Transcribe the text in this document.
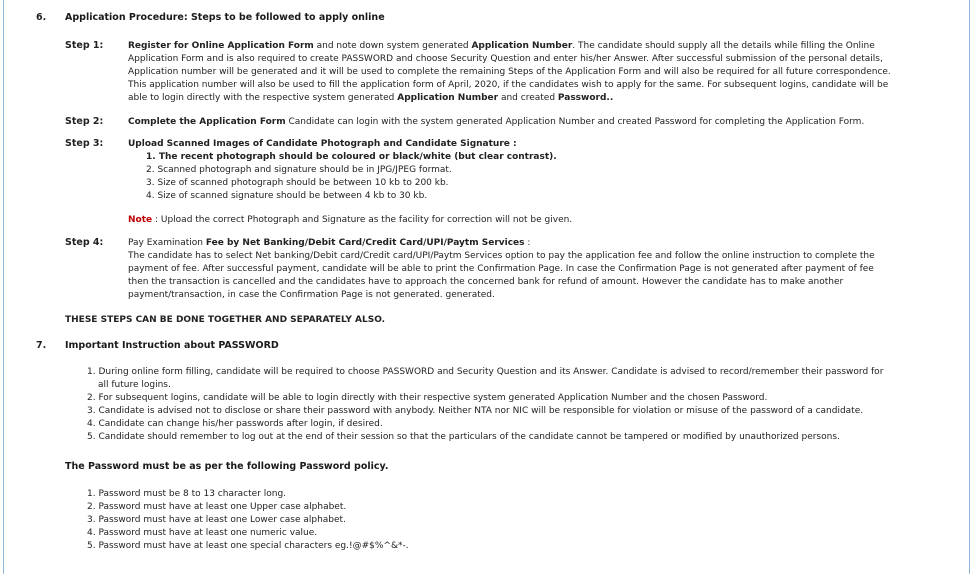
6. Application Procedure: Steps to be followed to apply online
Step 1:	Register for Online Application Form and note down system generated Application Number. The candidate should supply all the details while filling the Online
Application Form and is also required to create PASSWORD and choose Security Question and enter his/her Answer. After successful submission of the personal details,
Application number will be generated and it will be used to complete the remaining Steps of the Application Form and will also be required for all future correspondence.
This application number will also be used to fill the application form of April, 2020, if the candidates wish to apply for the same. For subsequent logins, candidate will be
able to login directly with the respective system generated Application Number and created Password..
Step 2:	Complete the Application Form Candidate can login with the system generated Application Number and created Password for completing the Application Form.
Step 3:	Upload Scanned Images of Candidate Photograph and Candidate Signature :
1. The recent photograph should be coloured or black/white (but clear contrast).
2. Scanned photograph and signature should be in JPG/JPEG format.
3. Size of scanned photograph should be between 10 kb to 200 kb.
4. Size of scanned signature should be between 4 kb to 30 kb.
Note : Upload the correct Photograph and Signature as the facility for correction will not be given.
Step 4:	Pay Examination Fee by Net Banking/Debit Card/Credit Card/UPI/Paytm Services :
The candidate has to select Net banking/Debit card/Credit card/UPI/Paytm Services option to pay the application fee and follow the online instruction to complete the
payment of fee. After successful payment, candidate will be able to print the Confirmation Page. In case the Confirmation Page is not generated after payment of fee
then the transaction is cancelled and the candidates have to approach the concerned bank for refund of amount. However the candidate has to make another
payment/transaction, in case the Confirmation Page is not generated. generated.
THESE STEPS CAN BE DONE TOGETHER AND SEPARATELY ALSO.
7. Important Instruction about PASSWORD
1. During online form filling, candidate will be required to choose PASSWORD and Security Question and its Answer. Candidate is advised to record/remember their password for
all future logins.
2. For subsequent logins, candidate will be able to login directly with their respective system generated Application Number and the chosen Password.
3. Candidate is advised not to disclose or share their password with anybody. Neither NTA nor NIC will be responsible for violation or misuse of the password of a candidate.
4. Candidate can change his/her passwords after login, if desired.
5. Candidate should remember to log out at the end of their session so that the particulars of the candidate cannot be tampered or modified by unauthorized persons.
The Password must be as per the following Password policy.
1. Password must be 8 to 13 character long.
2. Password must have at least one Upper case alphabet.
3. Password must have at least one Lower case alphabet.
4. Password must have at least one numeric value.
5. Password must have at least one special characters eg.!@#$%^&*-.
